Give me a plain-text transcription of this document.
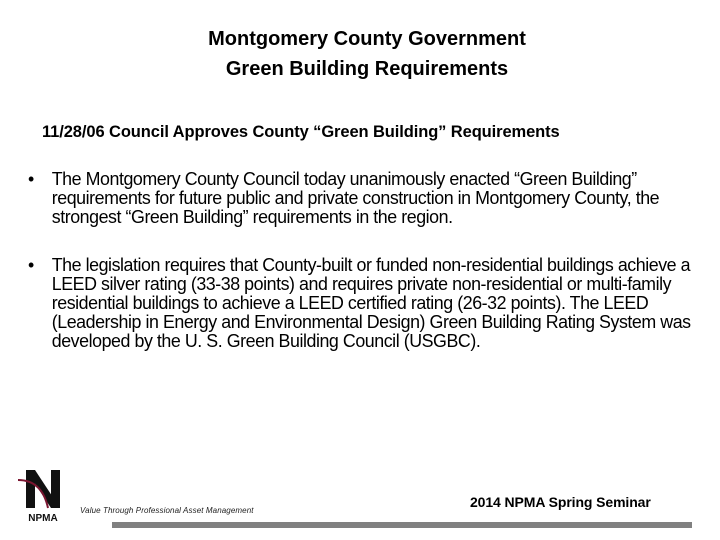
Montgomery County Government
Green Building Requirements
11/28/06 Council Approves County “Green Building” Requirements
• The Montgomery County Council today unanimously enacted “Green Building” requirements for future public and private construction in Montgomery County, the strongest “Green Building” requirements in the region.
• The legislation requires that County-built or funded non-residential buildings achieve a LEED silver rating (33-38 points) and requires private non-residential or multi-family residential buildings to achieve a LEED certified rating (26-32 points). The LEED (Leadership in Energy and Environmental Design) Green Building Rating System was developed by the U. S. Green Building Council (USGBC).
NPMA
Value Through Professional Asset Management
2014 NPMA Spring Seminar
